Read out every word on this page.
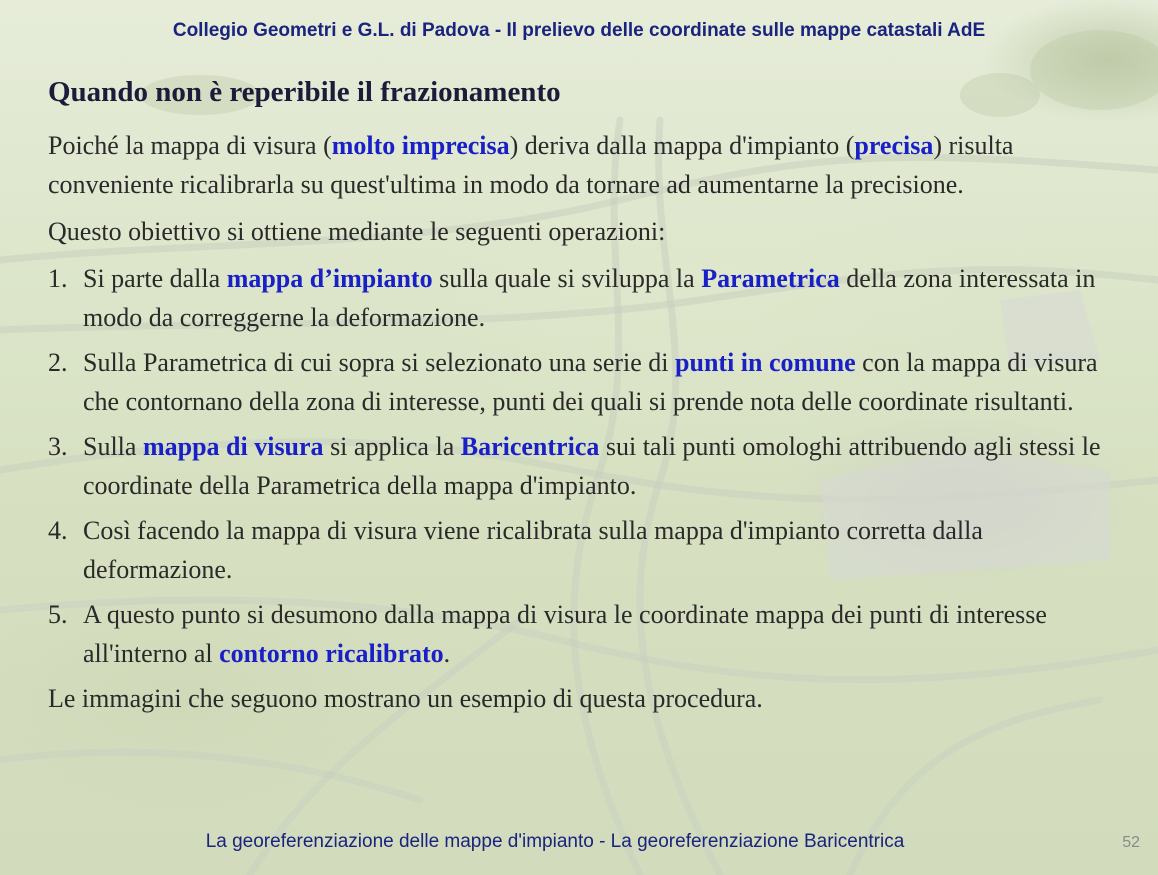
Collegio Geometri e G.L. di Padova - Il prelievo delle coordinate sulle mappe catastali AdE
Quando non è reperibile il frazionamento

Poiché la mappa di visura (molto imprecisa) deriva dalla mappa d'impianto (precisa) risulta conveniente ricalibrarla su quest'ultima in modo da tornare ad aumentarne la precisione.

Questo obiettivo si ottiene mediante le seguenti operazioni:

1. Si parte dalla mappa d’impianto sulla quale si sviluppa la Parametrica della zona interessata in modo da correggerne la deformazione.
2. Sulla Parametrica di cui sopra si selezionato una serie di punti in comune con la mappa di visura che contornano della zona di interesse, punti dei quali si prende nota delle coordinate risultanti.
3. Sulla mappa di visura si applica la Baricentrica sui tali punti omologhi attribuendo agli stessi le coordinate della Parametrica della mappa d'impianto.
4. Così facendo la mappa di visura viene ricalibrata sulla mappa d'impianto corretta dalla deformazione.
5. A questo punto si desumono dalla mappa di visura le coordinate mappa dei punti di interesse all'interno al contorno ricalibrato.

Le immagini che seguono mostrano un esempio di questa procedura.

La georeferenziazione delle mappe d'impianto - La georeferenziazione Baricentrica	52
